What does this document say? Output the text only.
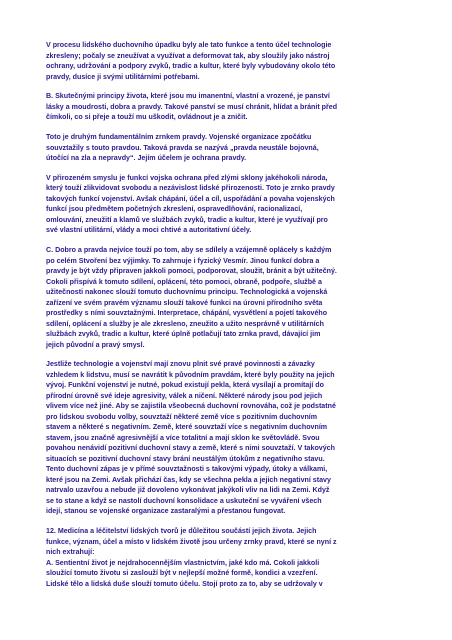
V procesu lidského duchovního úpadku byly ale tato funkce a tento účel technologie
zkresleny; počaly se zneužívat a využívat a deformovat tak, aby sloužily jako nástroj
ochrany, udržování a podpory zvyků, tradic a kultur, které byly vybudovány okolo této
pravdy, dusíce ji svými utilitárními potřebami.

B. Skutečnými principy života, které jsou mu imanentní, vlastní a vrozené, je panství
lásky a moudrosti, dobra a pravdy. Takové panství se musí chránit, hlídat a bránit před
čímkoli, co si přeje a touží mu uškodit, ovládnout je a zničit.

Toto je druhým fundamentálním zrnkem pravdy. Vojenské organizace zpočátku
souvztažily s touto pravdou. Taková pravda se nazývá „pravda neustále bojovná,
útočící na zla a nepravdy“. Jejím účelem je ochrana pravdy.

V přirozeném smyslu je funkcí vojska ochrana před zlými sklony jakéhokoli národa,
který touží zlikvidovat svobodu a nezávislost lidské přirozenosti. Toto je zrnko pravdy
takových funkcí vojenství. Avšak chápání, účel a cíl, uspořádání a povaha vojenských
funkcí jsou předmětem početných zkreslení, ospravedlňování, racionalizací,
omlouvání, zneužití a klamů ve službách zvyků, tradic a kultur, které je využívají pro
své vlastní utilitární, vlády a moci chtivé a autoritativní účely.

C. Dobro a pravda nejvíce touží po tom, aby se sdílely a vzájemně opláceły s každým
po celém Stvoření bez výjimky. To zahrnuje i fyzický Vesmír. Jinou funkcí dobra a
pravdy je být vždy připraven jakkoli pomoci, podporovat, sloužit, bránit a být užitečný.
Cokoli přispívá k tomuto sdílení, oplácení, této pomoci, obraně, podpoře, službě a
užitečnosti nakonec slouží tomuto duchovnímu principu. Technologická a vojenská
zařízení ve svém pravém významu slouží takové funkci na úrovni přírodního světa
prostředky s ními souvztažnými. Interpretace, chápání, vysvětlení a pojetí takového
sdílení, oplácení a služby je ale zkresleno, zneužito a užito nesprávně v utilitárních
službách zvyků, tradic a kultur, které úplně potlačují tato zrnka pravd, dávající jim
jejich původní a pravý smysl.

Jestliže technologie a vojenství mají znovu plnit své pravé povinnosti a závazky
vzhledem k lidstvu, musí se navrátit k původním pravdám, které byly použity na jejich
vývoj. Funkční vojenství je nutné, pokud existují pekla, která vysílají a promítají do
přírodní úrovně své ideje agresivity, válek a ničení. Některé národy jsou pod jejich
vlivem více než jiné. Aby se zajistila všeobecná duchovní rovnováha, což je podstatné
pro lidskou svobodu volby, souvztaží některé země více s pozitivním duchovním
stavem a některé s negativním. Země, které souvztaží více s negativním duchovním
stavem, jsou značně agresivnější a více totalitní a mají sklon ke světovládě. Svou
povahou nenávidí pozitivní duchovní stavy a země, které s nimi souvztaží. V takových
situacích se pozitivní duchovní stavy brání neustálým útokům z negativního stavu.
Tento duchovní zápas je v přímé souvztažnosti s takovými výpady, útoky a válkami,
které jsou na Zemi. Avšak přichází čas, kdy se všechna pekla a jejich negativní stavy
natrvalo uzavřou a nebude již dovoleno vykonávat jakýkoli vliv na lidi na Zemi. Když
se to stane a když se nastolí duchovní konsolidace a uskuteční se vyváření všech
idejí, stanou se vojenské organizace zastaralými a přestanou fungovat.

12. Medicína a léčitelství lidských tvorů je důležitou součástí jejich života. Jejich
funkce, význam, účel a místo v lidském životě jsou určeny zrnky pravd, které se nyní z
nich extrahují:
A. Sentientní život je nejdrahocennějším vlastnictvím, jaké kdo má. Cokoli jakkoli
sloužící tomuto životu si zaslouží být v nejlepší možné formě, kondici a vzezření.
Lidské tělo a lidská duše slouží tomuto účelu. Stojí proto za to, aby se udržovaly v
